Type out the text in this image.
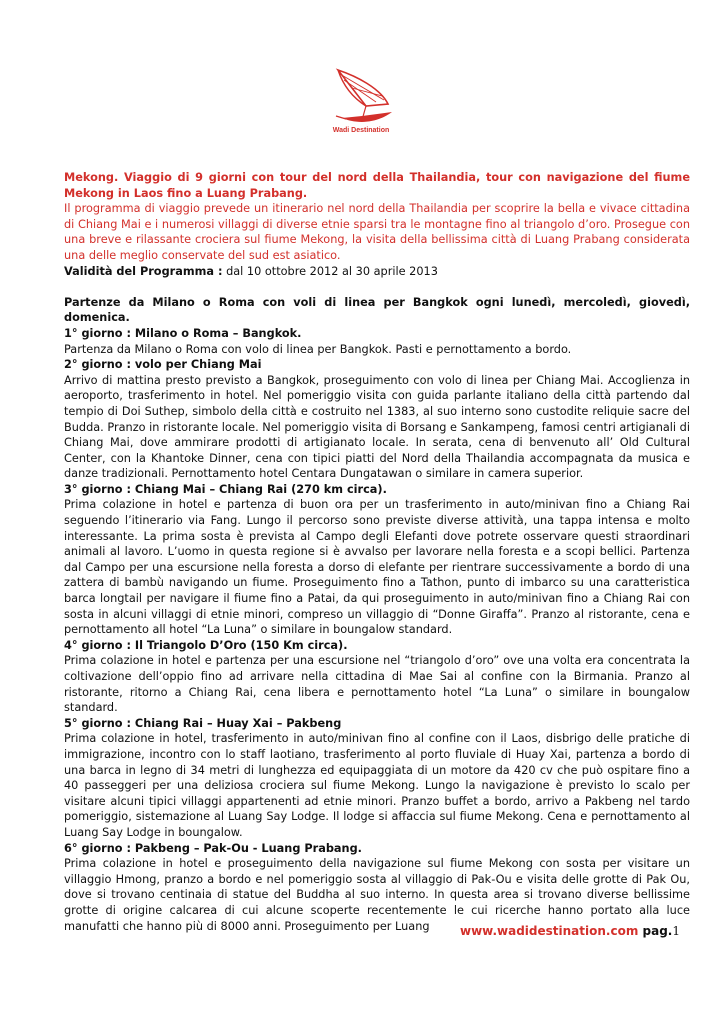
Wadi Destination

Mekong. Viaggio di 9 giorni con tour del nord della Thailandia, tour con navigazione del fiume Mekong in Laos fino a Luang Prabang.

Il programma di viaggio prevede un itinerario nel nord della Thailandia per scoprire la bella e vivace cittadina di Chiang Mai e i numerosi villaggi di diverse etnie sparsi tra le montagne fino al triangolo d’oro. Prosegue con una breve e rilassante crociera sul fiume Mekong, la visita della bellissima città di Luang Prabang considerata una delle meglio conservate del sud est asiatico.

Validità del Programma : dal 10 ottobre 2012 al 30 aprile 2013

Partenze da Milano o Roma con voli di linea per Bangkok ogni lunedì, mercoledì, giovedì, domenica.

1° giorno : Milano o Roma – Bangkok.

Partenza da Milano o Roma con volo di linea per Bangkok. Pasti e pernottamento a bordo.

2° giorno : volo per Chiang Mai

Arrivo di mattina presto previsto a Bangkok, proseguimento con volo di linea per Chiang Mai. Accoglienza in aeroporto, trasferimento in hotel. Nel pomeriggio visita con guida parlante italiano della città partendo dal tempio di Doi Suthep, simbolo della città e costruito nel 1383, al suo interno sono custodite reliquie sacre del Budda. Pranzo in ristorante locale. Nel pomeriggio visita di Borsang e Sankampeng, famosi centri artigianali di Chiang Mai, dove ammirare prodotti di artigianato locale. In serata, cena di benvenuto all’ Old Cultural Center, con la Khantoke Dinner, cena con tipici piatti del Nord della Thailandia accompagnata da musica e danze tradizionali. Pernottamento hotel Centara Dungatawan o similare in camera superior.

3° giorno : Chiang Mai – Chiang Rai (270 km circa).

Prima colazione in hotel e partenza di buon ora per un trasferimento in auto/minivan fino a Chiang Rai seguendo l’itinerario via Fang. Lungo il percorso sono previste diverse attività, una tappa intensa e molto interessante. La prima sosta è prevista al Campo degli Elefanti dove potrete osservare questi straordinari animali al lavoro. L’uomo in questa regione si è avvalso per lavorare nella foresta e a scopi bellici. Partenza dal Campo per una escursione nella foresta a dorso di elefante per rientrare successivamente a bordo di una zattera di bambù navigando un fiume. Proseguimento fino a Tathon, punto di imbarco su una caratteristica barca longtail per navigare il fiume fino a Patai, da qui proseguimento in auto/minivan fino a Chiang Rai con sosta in alcuni villaggi di etnie minori, compreso un villaggio di “Donne Giraffa”. Pranzo al ristorante, cena e pernottamento all hotel “La Luna” o similare in boungalow standard.

4° giorno : Il Triangolo D’Oro (150 Km circa).

Prima colazione in hotel e partenza per una escursione nel “triangolo d’oro” ove una volta era concentrata la coltivazione dell’oppio fino ad arrivare nella cittadina di Mae Sai al confine con la Birmania. Pranzo al ristorante, ritorno a Chiang Rai, cena libera e pernottamento hotel “La Luna” o similare in boungalow standard.

5° giorno : Chiang Rai – Huay Xai – Pakbeng

Prima colazione in hotel, trasferimento in auto/minivan fino al confine con il Laos, disbrigo delle pratiche di immigrazione, incontro con lo staff laotiano, trasferimento al porto fluviale di Huay Xai, partenza a bordo di una barca in legno di 34 metri di lunghezza ed equipaggiata di un motore da 420 cv che può ospitare fino a 40 passeggeri per una deliziosa crociera sul fiume Mekong. Lungo la navigazione è previsto lo scalo per visitare alcuni tipici villaggi appartenenti ad etnie minori. Pranzo buffet a bordo, arrivo a Pakbeng nel tardo pomeriggio, sistemazione al Luang Say Lodge. Il lodge si affaccia sul fiume Mekong. Cena e pernottamento al Luang Say Lodge in boungalow.

6° giorno : Pakbeng – Pak-Ou - Luang Prabang.

Prima colazione in hotel e proseguimento della navigazione sul fiume Mekong con sosta per visitare un villaggio Hmong, pranzo a bordo e nel pomeriggio sosta al villaggio di Pak-Ou e visita delle grotte di Pak Ou, dove si trovano centinaia di statue del Buddha al suo interno. In questa area si trovano diverse bellissime grotte di origine calcarea di cui alcune scoperte recentemente le cui ricerche hanno portato alla luce manufatti che hanno più di 8000 anni. Proseguimento per Luang	www.wadidestination.com pag.1
